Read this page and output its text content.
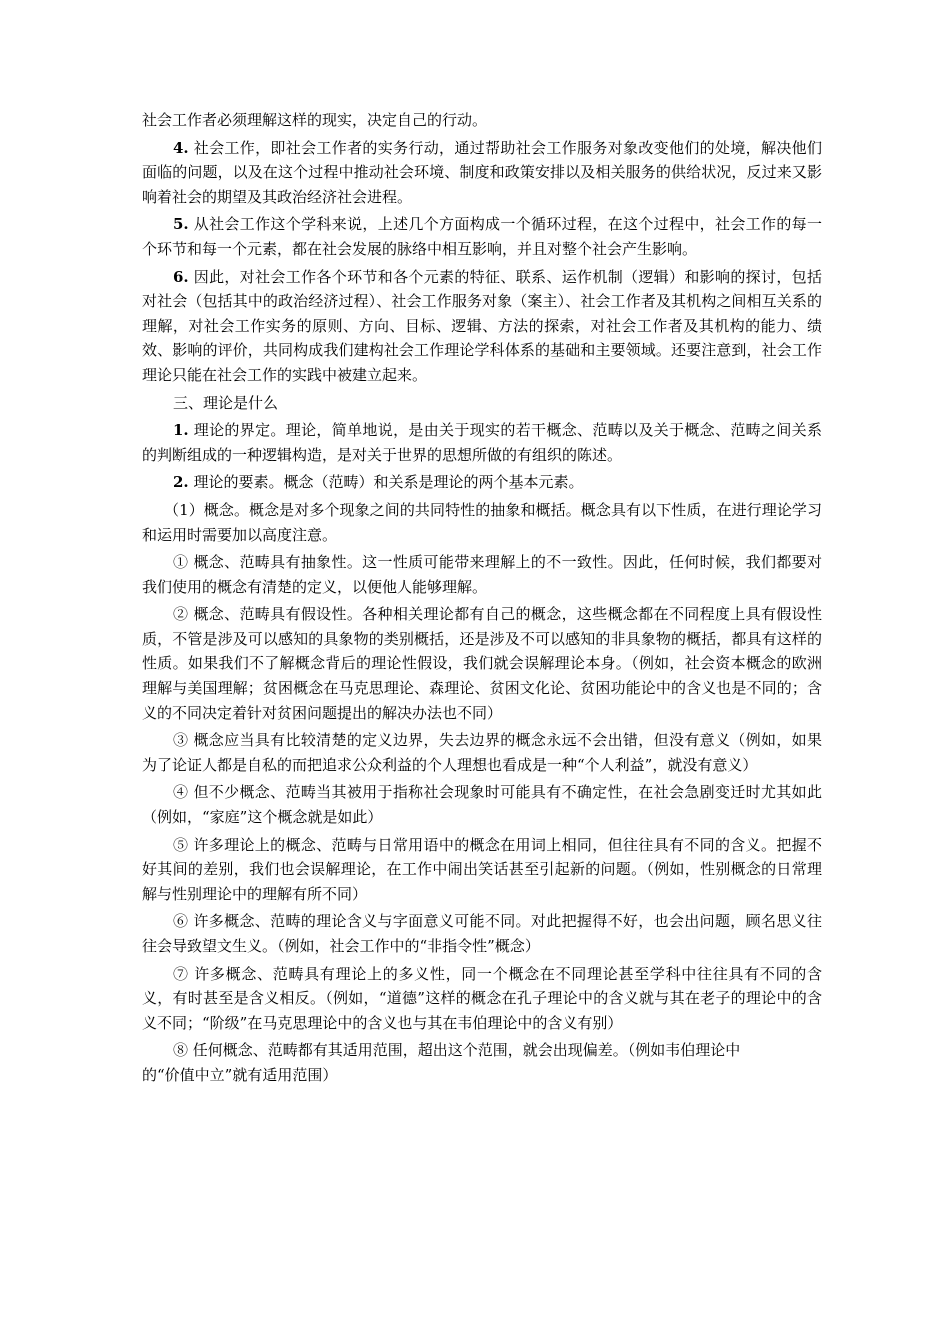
社会工作者必须理解这样的现实，决定自己的行动。

4. 社会工作，即社会工作者的实务行动，通过帮助社会工作服务对象改变他们的处境，解决他们面临的问题，以及在这个过程中推动社会环境、制度和政策安排以及相关服务的供给状况，反过来又影响着社会的期望及其政治经济社会进程。

5. 从社会工作这个学科来说，上述几个方面构成一个循环过程，在这个过程中，社会工作的每一个环节和每一个元素，都在社会发展的脉络中相互影响，并且对整个社会产生影响。

6. 因此，对社会工作各个环节和各个元素的特征、联系、运作机制（逻辑）和影响的探讨，包括对社会（包括其中的政治经济过程）、社会工作服务对象（案主）、社会工作者及其机构之间相互关系的理解，对社会工作实务的原则、方向、目标、逻辑、方法的探索，对社会工作者及其机构的能力、绩效、影响的评价，共同构成我们建构社会工作理论学科体系的基础和主要领域。还要注意到，社会工作理论只能在社会工作的实践中被建立起来。

三、理论是什么

1. 理论的界定。理论，简单地说，是由关于现实的若干概念、范畴以及关于概念、范畴之间关系的判断组成的一种逻辑构造，是对关于世界的思想所做的有组织的陈述。

2. 理论的要素。概念（范畴）和关系是理论的两个基本元素。

（1）概念。概念是对多个现象之间的共同特性的抽象和概括。概念具有以下性质，在进行理论学习和运用时需要加以高度注意。

① 概念、范畴具有抽象性。这一性质可能带来理解上的不一致性。因此，任何时候，我们都要对我们使用的概念有清楚的定义，以便他人能够理解。

② 概念、范畴具有假设性。各种相关理论都有自己的概念，这些概念都在不同程度上具有假设性质，不管是涉及可以感知的具象物的类别概括，还是涉及不可以感知的非具象物的概括，都具有这样的性质。如果我们不了解概念背后的理论性假设，我们就会误解理论本身。（例如，社会资本概念的欧洲理解与美国理解；贫困概念在马克思理论、森理论、贫困文化论、贫困功能论中的含义也是不同的；含义的不同决定着针对贫困问题提出的解决办法也不同）

③ 概念应当具有比较清楚的定义边界，失去边界的概念永远不会出错，但没有意义（例如，如果为了论证人都是自私的而把追求公众利益的个人理想也看成是一种“个人利益”，就没有意义）

④ 但不少概念、范畴当其被用于指称社会现象时可能具有不确定性，在社会急剧变迁时尤其如此（例如，“家庭”这个概念就是如此）

⑤ 许多理论上的概念、范畴与日常用语中的概念在用词上相同，但往往具有不同的含义。把握不好其间的差别，我们也会误解理论，在工作中闹出笑话甚至引起新的问题。（例如，性别概念的日常理解与性别理论中的理解有所不同）

⑥ 许多概念、范畴的理论含义与字面意义可能不同。对此把握得不好，也会出问题，顾名思义往往会导致望文生义。（例如，社会工作中的“非指令性”概念）

⑦ 许多概念、范畴具有理论上的多义性，同一个概念在不同理论甚至学科中往往具有不同的含义，有时甚至是含义相反。（例如，“道德”这样的概念在孔子理论中的含义就与其在老子的理论中的含义不同；“阶级”在马克思理论中的含义也与其在韦伯理论中的含义有别）

⑧ 任何概念、范畴都有其适用范围，超出这个范围，就会出现偏差。（例如韦伯理论中

的“价值中立”就有适用范围）
